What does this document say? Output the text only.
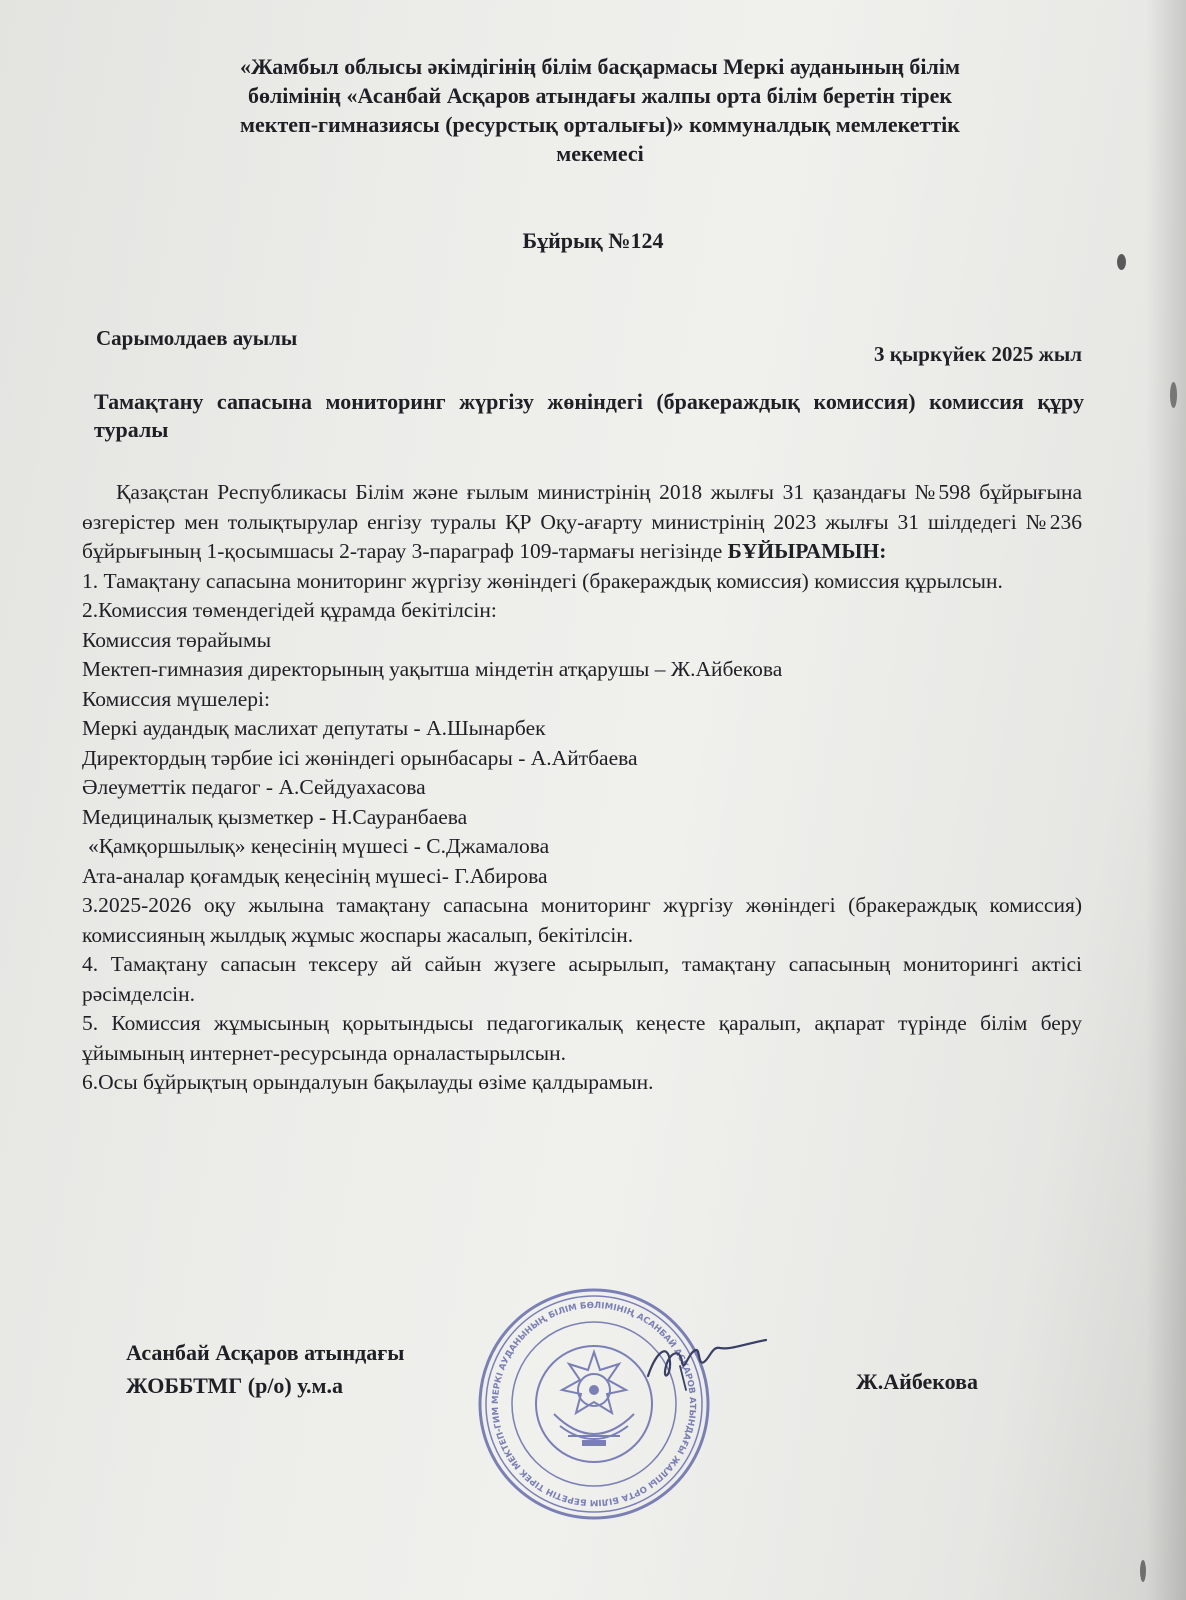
«Жамбыл облысы әкімдігінің білім басқармасы Меркі ауданының білім
бөлімінің «Асанбай Асқаров атындағы жалпы орта білім беретін тірек
мектеп-гимназиясы (ресурстық орталығы)» коммуналдық мемлекеттік
мекемесі
Бұйрық №124
Сарымолдаев ауылы
3 қыркүйек 2025 жыл
Тамақтану сапасына мониторинг жүргізу жөніндегі (бракераждық комиссия) комиссия құру туралы

Қазақстан Республикасы Білім және ғылым министрінің 2018 жылғы 31 қазандағы №598 бұйрығына өзгерістер мен толықтырулар енгізу туралы ҚР Оқу-ағарту министрінің 2023 жылғы 31 шілдедегі №236 бұйрығының 1-қосымшасы 2-тарау 3-параграф 109-тармағы негізінде БҰЙЫРАМЫН:

1. Тамақтану сапасына мониторинг жүргізу жөніндегі (бракераждық комиссия) комиссия құрылсын.

2.Комиссия төмендегідей құрамда бекітілсін:

Комиссия төрайымы

Мектеп-гимназия директорының уақытша міндетін атқарушы – Ж.Айбекова

Комиссия мүшелері:

Меркі аудандық маслихат депутаты - А.Шынарбек

Директордың тәрбие ісі жөніндегі орынбасары - А.Айтбаева

Әлеуметтік педагог - А.Сейдуахасова

Медициналық қызметкер - Н.Сауранбаева

«Қамқоршылық» кеңесінің мүшесі - С.Джамалова

Ата-аналар қоғамдық кеңесінің мүшесі- Г.Абирова

3.2025-2026 оқу жылына тамақтану сапасына мониторинг жүргізу жөніндегі (бракераждық комиссия) комиссияның жылдық жұмыс жоспары жасалып, бекітілсін.

4. Тамақтану сапасын тексеру ай сайын жүзеге асырылып, тамақтану сапасының мониторингі актісі рәсімделсін.

5. Комиссия жұмысының қорытындысы педагогикалық кеңесте қаралып, ақпарат түрінде білім беру ұйымының интернет-ресурсында орналастырылсын.

6.Осы бұйрықтың орындалуын бақылауды өзіме қалдырамын.

МЕРКІ АУДАНЫНЫҢ БІЛІМ БӨЛІМІНІҢ АСАНБАЙ АСҚАРОВ АТЫНДАҒЫ ЖАЛПЫ ОРТА БІЛІМ БЕРЕТІН ТІРЕК МЕКТЕП-ГИМ
Асанбай Асқаров атындағы
ЖОББТМГ (р/о) у.м.а	Ж.Айбекова
